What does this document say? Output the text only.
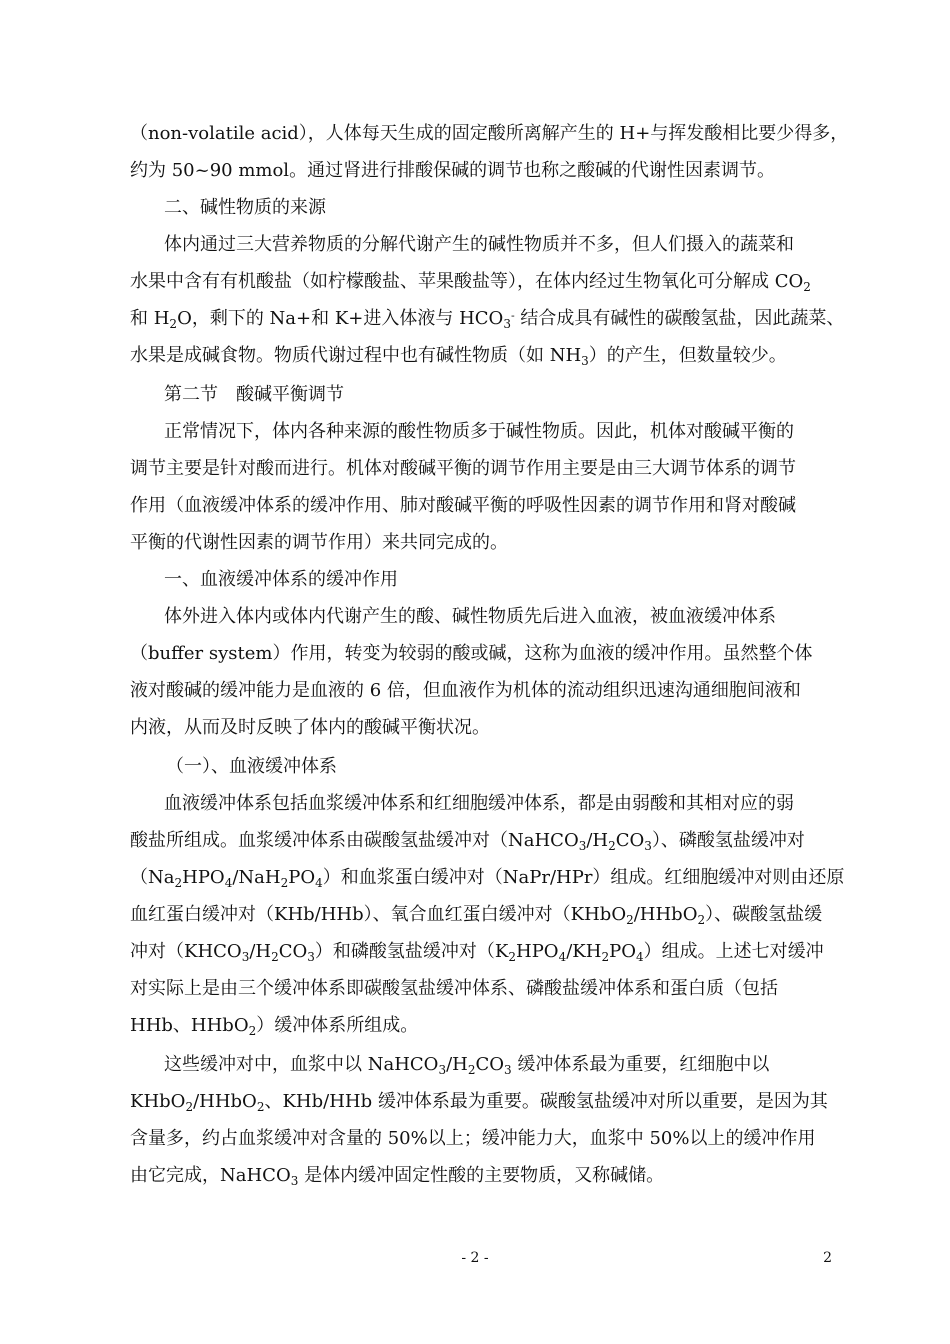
（non-volatile acid），人体每天生成的固定酸所离解产生的 H+与挥发酸相比要少得多，
约为 50~90 mmol。通过肾进行排酸保碱的调节也称之酸碱的代谢性因素调节。
二、碱性物质的来源
体内通过三大营养物质的分解代谢产生的碱性物质并不多，但人们摄入的蔬菜和
水果中含有有机酸盐（如柠檬酸盐、苹果酸盐等），在体内经过生物氧化可分解成 $CO_2$
和 $H_2O$，剩下的 Na+和 K+进入体液与 $HCO_3^-$ 结合成具有碱性的碳酸氢盐，因此蔬菜、
水果是成碱食物。物质代谢过程中也有碱性物质（如 $NH_3$）的产生，但数量较少。
第二节　酸碱平衡调节
正常情况下，体内各种来源的酸性物质多于碱性物质。因此，机体对酸碱平衡的
调节主要是针对酸而进行。机体对酸碱平衡的调节作用主要是由三大调节体系的调节
作用（血液缓冲体系的缓冲作用、肺对酸碱平衡的呼吸性因素的调节作用和肾对酸碱
平衡的代谢性因素的调节作用）来共同完成的。
一、血液缓冲体系的缓冲作用
体外进入体内或体内代谢产生的酸、碱性物质先后进入血液，被血液缓冲体系
（buffer system）作用，转变为较弱的酸或碱，这称为血液的缓冲作用。虽然整个体
液对酸碱的缓冲能力是血液的 6 倍，但血液作为机体的流动组织迅速沟通细胞间液和
内液，从而及时反映了体内的酸碱平衡状况。
（一）、血液缓冲体系
血液缓冲体系包括血浆缓冲体系和红细胞缓冲体系，都是由弱酸和其相对应的弱
酸盐所组成。血浆缓冲体系由碳酸氢盐缓冲对$(NaHCO_3/H_2CO_3)$、磷酸氢盐缓冲对
$(Na_2HPO_4/NaH_2PO_4)$和血浆蛋白缓冲对（NaPr/HPr）组成。红细胞缓冲对则由还原
血红蛋白缓冲对（KHb/HHb）、氧合血红蛋白缓冲对（KHbO$_2$/HHbO$_2$）、碳酸氢盐缓
冲对$(KHCO_3/H_2CO_3)$和磷酸氢盐缓冲对$(K_2HPO_4/KH_2PO_4)$组成。上述七对缓冲
对实际上是由三个缓冲体系即碳酸氢盐缓冲体系、磷酸盐缓冲体系和蛋白质（包括
HHb、HHbO$_2$）缓冲体系所组成。
这些缓冲对中，血浆中以 $NaHCO_3/H_2CO_3$ 缓冲体系最为重要，红细胞中以
KHbO$_2$/HHbO$_2$、KHb/HHb 缓冲体系最为重要。碳酸氢盐缓冲对所以重要，是因为其
含量多，约占血浆缓冲对含量的 50%以上；缓冲能力大，血浆中 50%以上的缓冲作用
由它完成，NaHCO$_3$ 是体内缓冲固定性酸的主要物质，又称碱储。
- 2 -	2
